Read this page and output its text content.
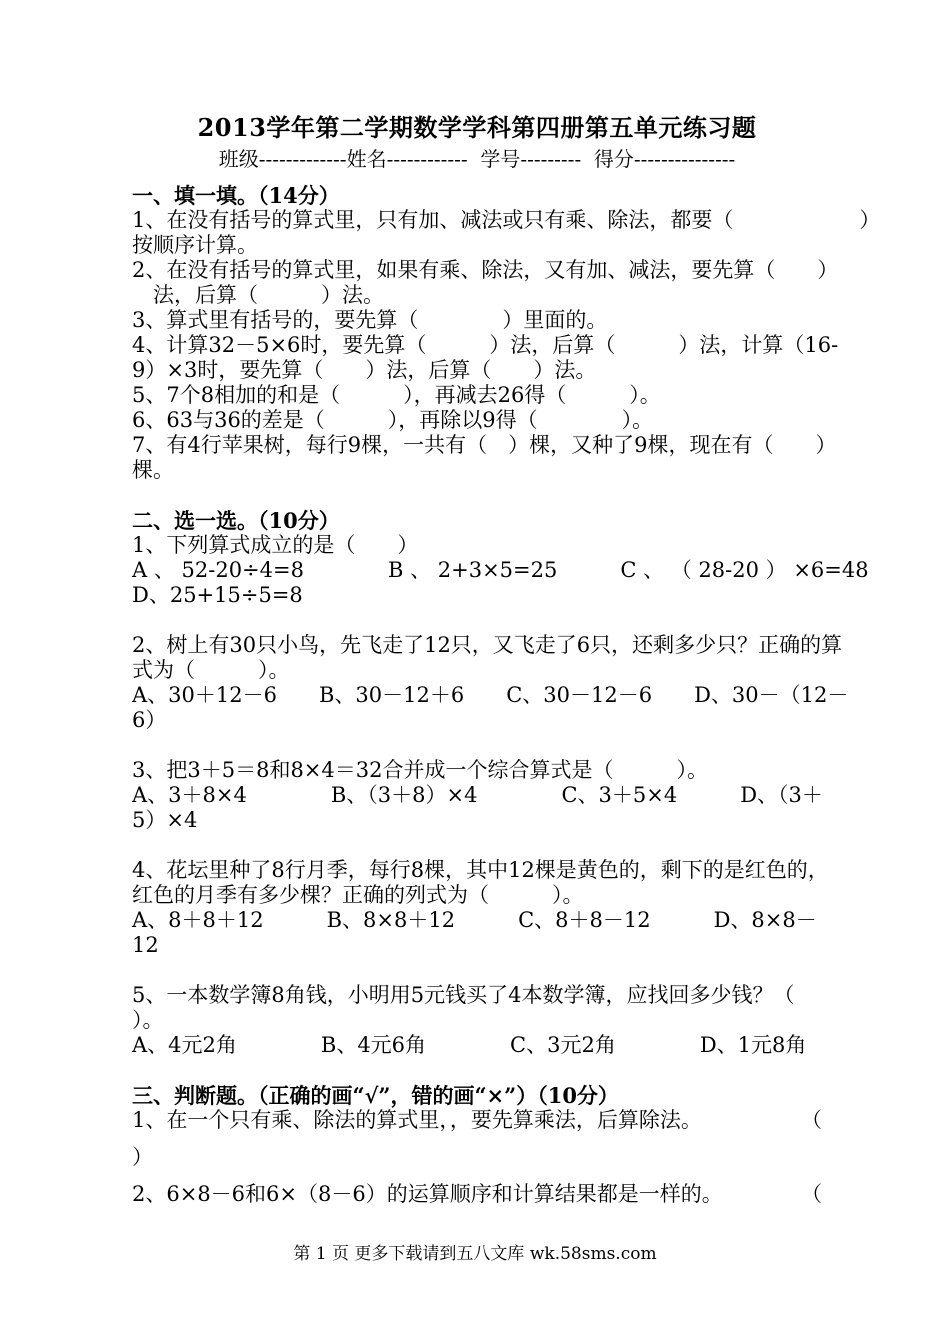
2013学年第二学期数学学科第四册第五单元练习题
班级-------------姓名------------  学号---------  得分---------------
一、填一填。（14分）
1、在没有括号的算式里，只有加、减法或只有乘、除法，都要（　　　　　　）
按顺序计算。
2、在没有括号的算式里，如果有乘、除法，又有加、减法，要先算（　　）
　法，后算（　　　）法。
3、算式里有括号的，要先算（　　　　）里面的。
4、计算32－5×6时，要先算（　　　）法，后算（　　　）法，计算（16-
9）×3时，要先算（　　）法，后算（　　）法。
5、7个8相加的和是（　　　），再减去26得（　　　）。
6、63与36的差是（　　　），再除以9得（　　　　）。
7、有4行苹果树，每行9棵，一共有（　）棵，又种了9棵，现在有（　　）
棵。
二、选一选。（10分）
1、下列算式成立的是（　　）
A 、 52-20÷4=8　　　　B 、 2+3×5=25　　　C 、 （ 28-20 ） ×6=48
D、25+15÷5=8
2、树上有30只小鸟，先飞走了12只，又飞走了6只，还剩多少只？正确的算
式为（　　　）。
A、30＋12－6　　B、30－12＋6　　C、30－12－6　　D、30－（12－
6）
3、把3＋5＝8和8×4＝32合并成一个综合算式是（　　　）。
A、3＋8×4　　　　B、（3＋8）×4　　　　C、3＋5×4　　　D、（3＋
5）×4
4、花坛里种了8行月季，每行8棵，其中12棵是黄色的，剩下的是红色的，
红色的月季有多少棵？正确的列式为（　　　）。
A、8＋8＋12　　　B、8×8＋12　　　C、8＋8－12　　　D、8×8－
12
5、一本数学簿8角钱，小明用5元钱买了4本数学簿，应找回多少钱？（
）。
A、4元2角　　　　B、4元6角　　　　C、3元2角　　　　D、1元8角
三、判断题。（正确的画“√”，错的画“×”）（10分）
1、在一个只有乘、除法的算式里，，要先算乘法，后算除法。	（
）
2、6×8－6和6×（8－6）的运算顺序和计算结果都是一样的。	（
第 1 页 更多下载请到五八文库 wk.58sms.com
